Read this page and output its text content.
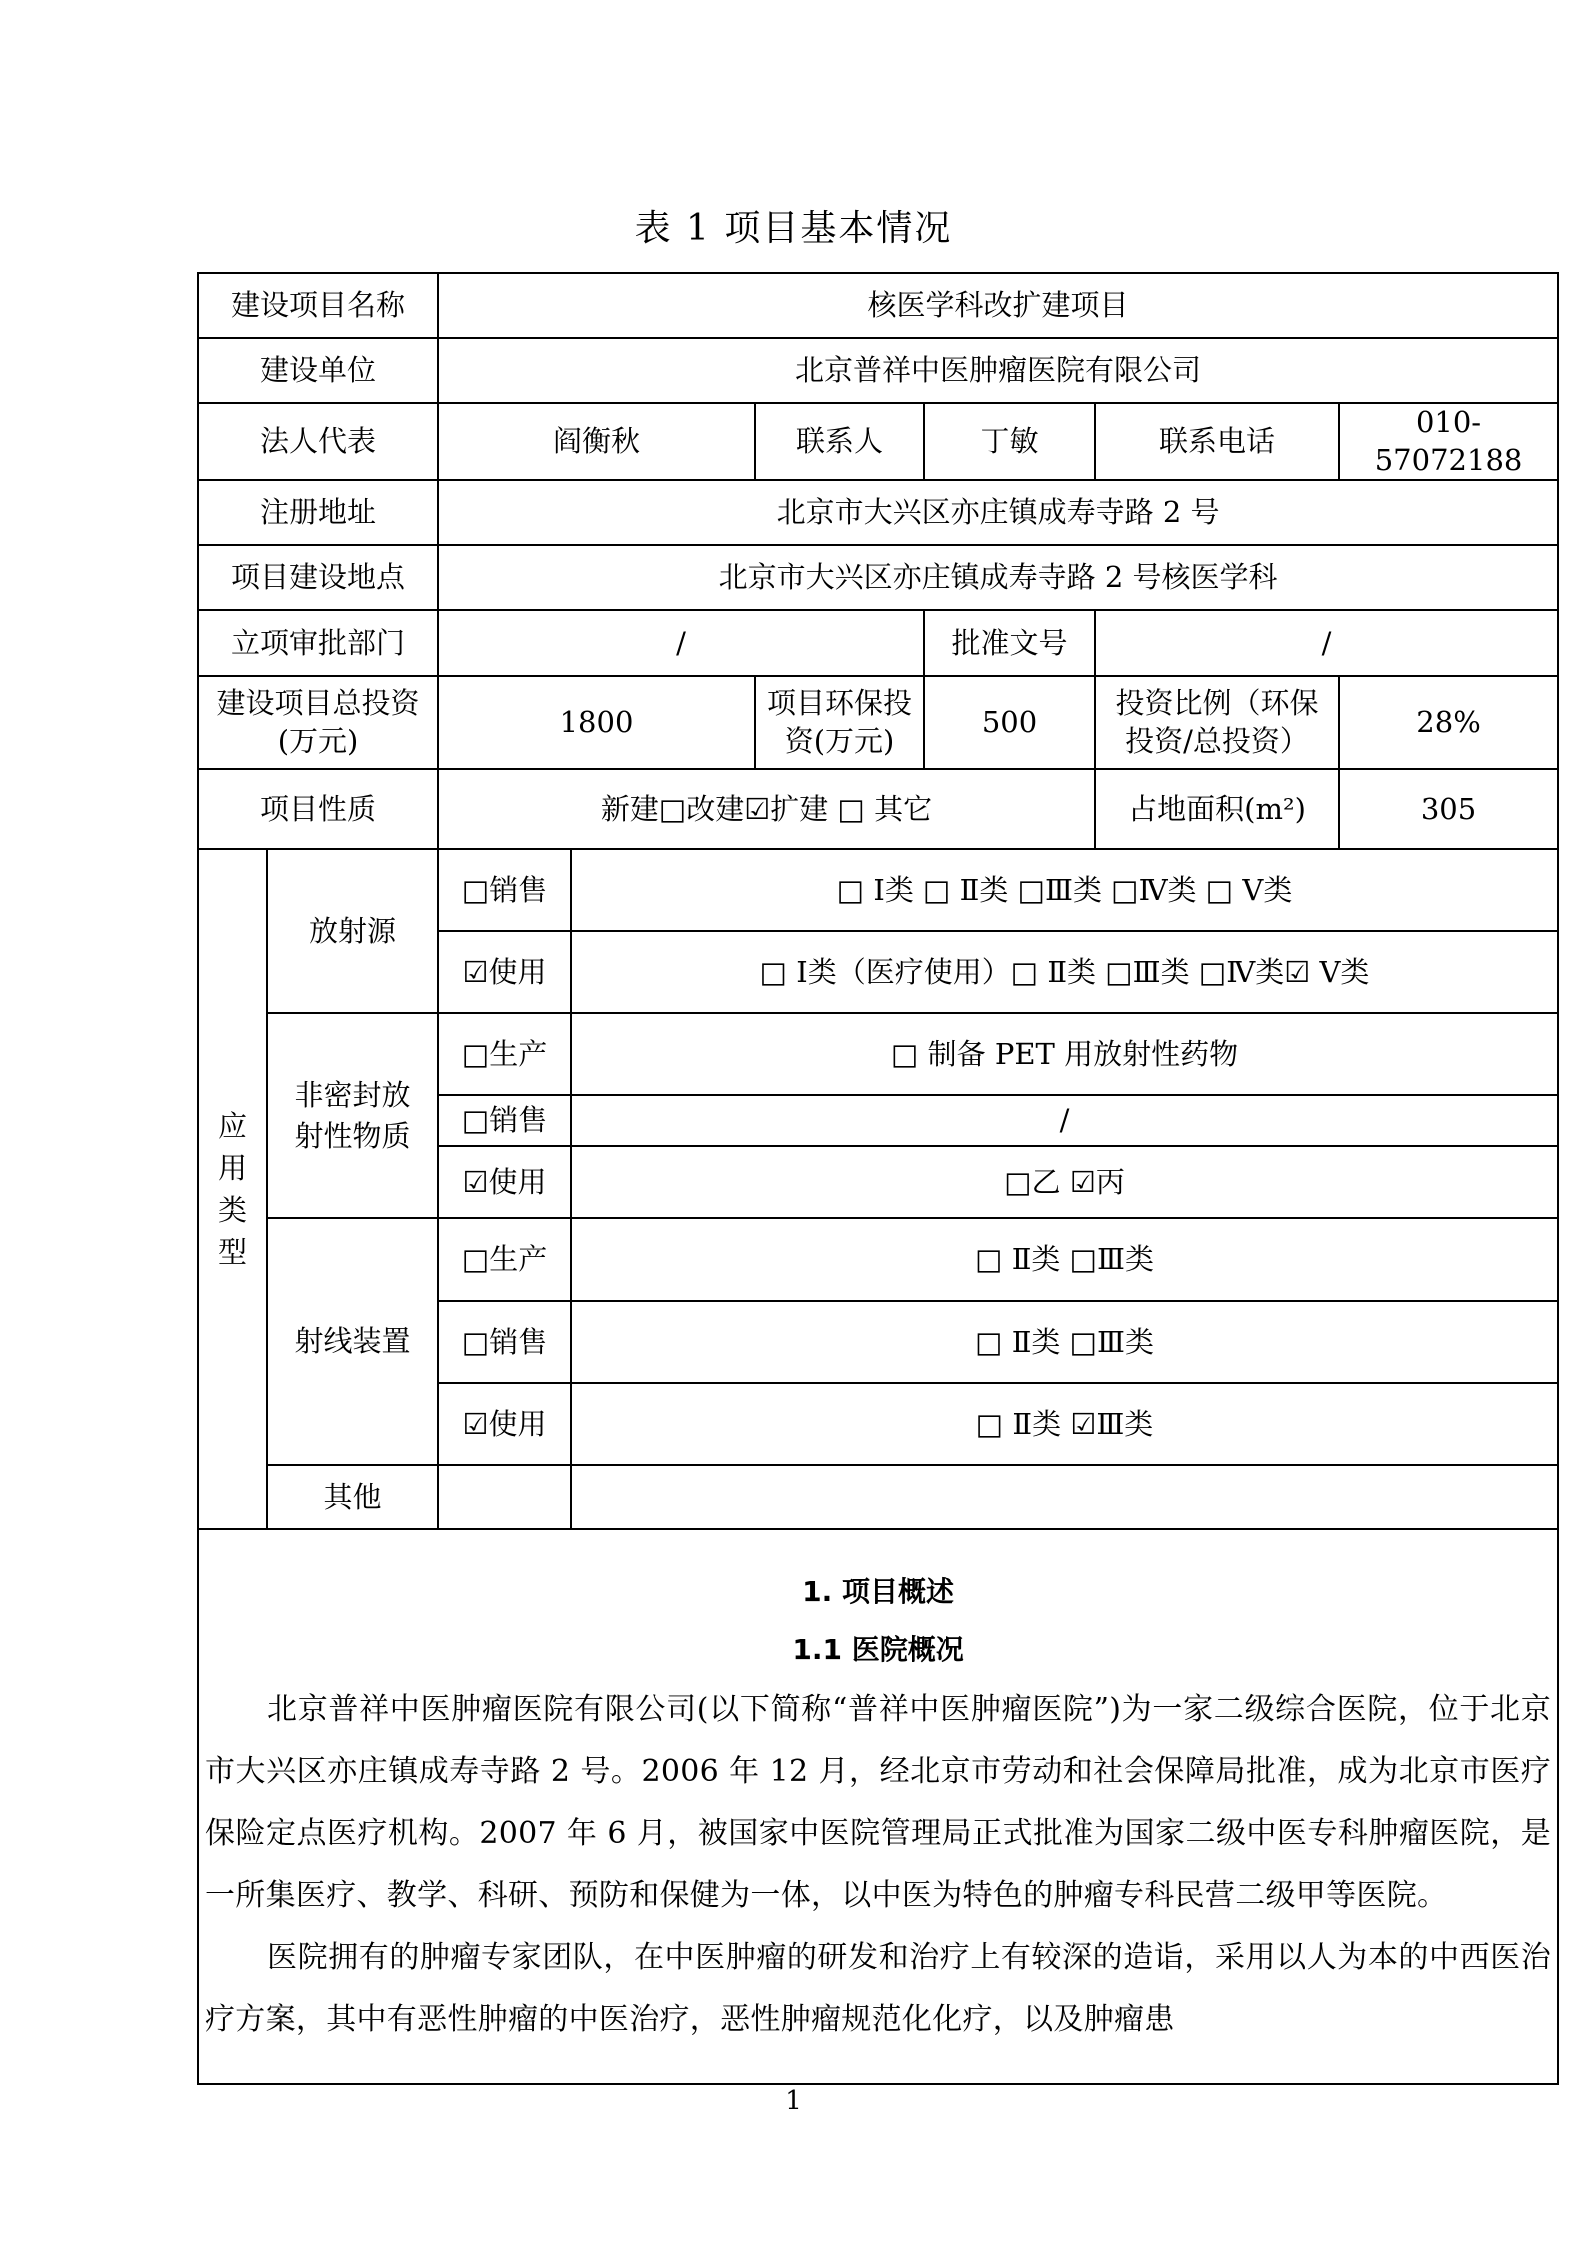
表 1 项目基本情况
建设项目名称		核医学科改扩建项目					
建设单位		北京普祥中医肿瘤医院有限公司					
法人代表		阎衡秋		联系人	丁敏	联系电话	010-57072188
注册地址		北京市大兴区亦庄镇成寿寺路 2 号					
项目建设地点		北京市大兴区亦庄镇成寿寺路 2 号核医学科					
立项审批部门		/			批准文号	/	
建设项目总投资(万元)		1800		项目环保投资(万元)	500	投资比例（环保投资/总投资）	28%
项目性质		新建□改建☑扩建 □ 其它				占地面积(m²)	305
应用类型	放射源	□销售	□ Ⅰ类 □ Ⅱ类 □Ⅲ类 □Ⅳ类 □ Ⅴ类				
		☑使用	□ Ⅰ类（医疗使用）□ Ⅱ类 □Ⅲ类 □Ⅳ类☑ Ⅴ类				
	非密封放射性物质	□生产	□ 制备 PET 用放射性药物				
		□销售	/				
		☑使用	□乙 ☑丙				
	射线装置	□生产	□ Ⅱ类 □Ⅲ类				
		□销售	□ Ⅱ类 □Ⅲ类				
		☑使用	□ Ⅱ类 ☑Ⅲ类				
	其他						

1. 项目概述

1.1 医院概况

北京普祥中医肿瘤医院有限公司(以下简称“普祥中医肿瘤医院”)为一家二级综合医院，位于北京市大兴区亦庄镇成寿寺路 2 号。2006 年 12 月，经北京市劳动和社会保障局批准，成为北京市医疗保险定点医疗机构。2007 年 6 月，被国家中医院管理局正式批准为国家二级中医专科肿瘤医院，是一所集医疗、教学、科研、预防和保健为一体，以中医为特色的肿瘤专科民营二级甲等医院。

医院拥有的肿瘤专家团队，在中医肿瘤的研发和治疗上有较深的造诣，采用以人为本的中西医治疗方案，其中有恶性肿瘤的中医治疗，恶性肿瘤规范化化疗，以及肿瘤患							

1
